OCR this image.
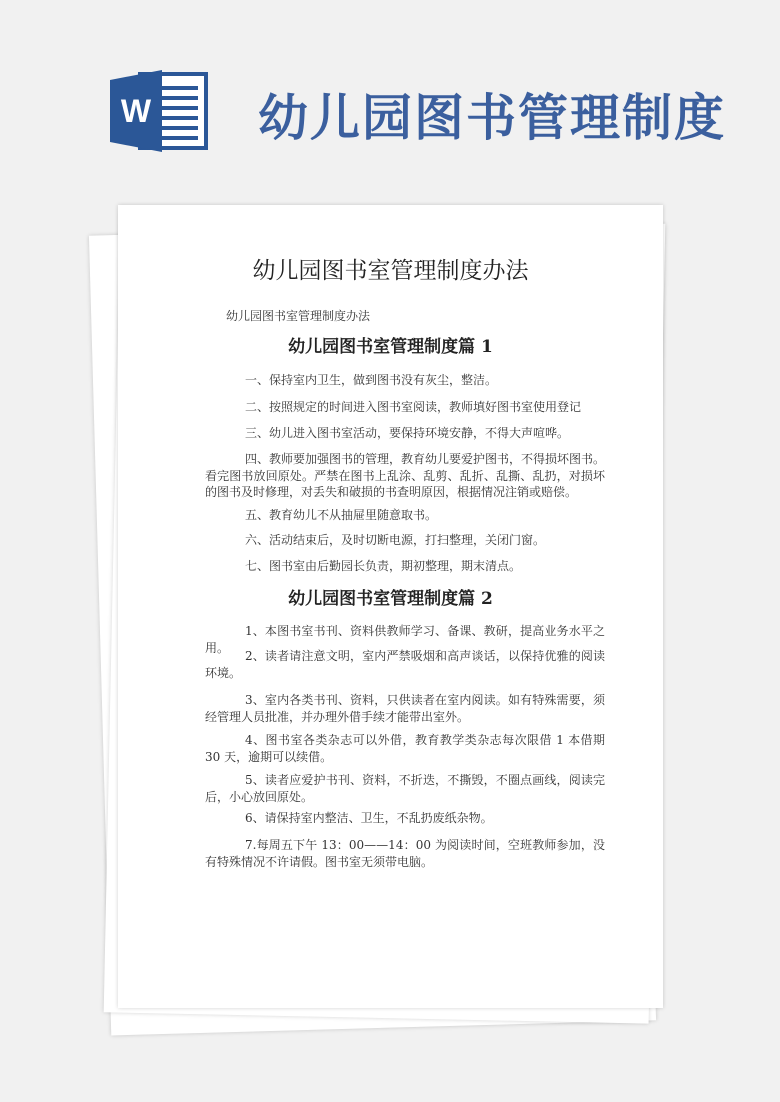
W 幼儿园图书管理制度
幼儿园图书室管理制度办法
幼儿园图书室管理制度办法
幼儿园图书室管理制度篇 1
一、保持室内卫生，做到图书没有灰尘，整洁。
二、按照规定的时间进入图书室阅读，教师填好图书室使用登记
三、幼儿进入图书室活动，要保持环境安静，不得大声喧哗。
四、教师要加强图书的管理，教育幼儿要爱护图书，不得损坏图书。看完图书放回原处。严禁在图书上乱涂、乱剪、乱折、乱撕、乱扔，对损坏的图书及时修理，对丢失和破损的书查明原因，根据情况注销或赔偿。
五、教育幼儿不从抽屉里随意取书。
六、活动结束后，及时切断电源，打扫整理，关闭门窗。
七、图书室由后勤园长负责，期初整理，期末清点。
幼儿园图书室管理制度篇 2
1、本图书室书刊、资料供教师学习、备课、教研，提高业务水平之用。
2、读者请注意文明，室内严禁吸烟和高声谈话，以保持优雅的阅读环境。
3、室内各类书刊、资料，只供读者在室内阅读。如有特殊需要，须经管理人员批准，并办理外借手续才能带出室外。
4、图书室各类杂志可以外借，教育教学类杂志每次限借 1 本借期 30 天，逾期可以续借。
5、读者应爱护书刊、资料，不折迭，不撕毁，不圈点画线，阅读完后，小心放回原处。
6、请保持室内整洁、卫生，不乱扔废纸杂物。
7.每周五下午 13：00——14：00 为阅读时间，空班教师参加，没有特殊情况不许请假。图书室无须带电脑。
